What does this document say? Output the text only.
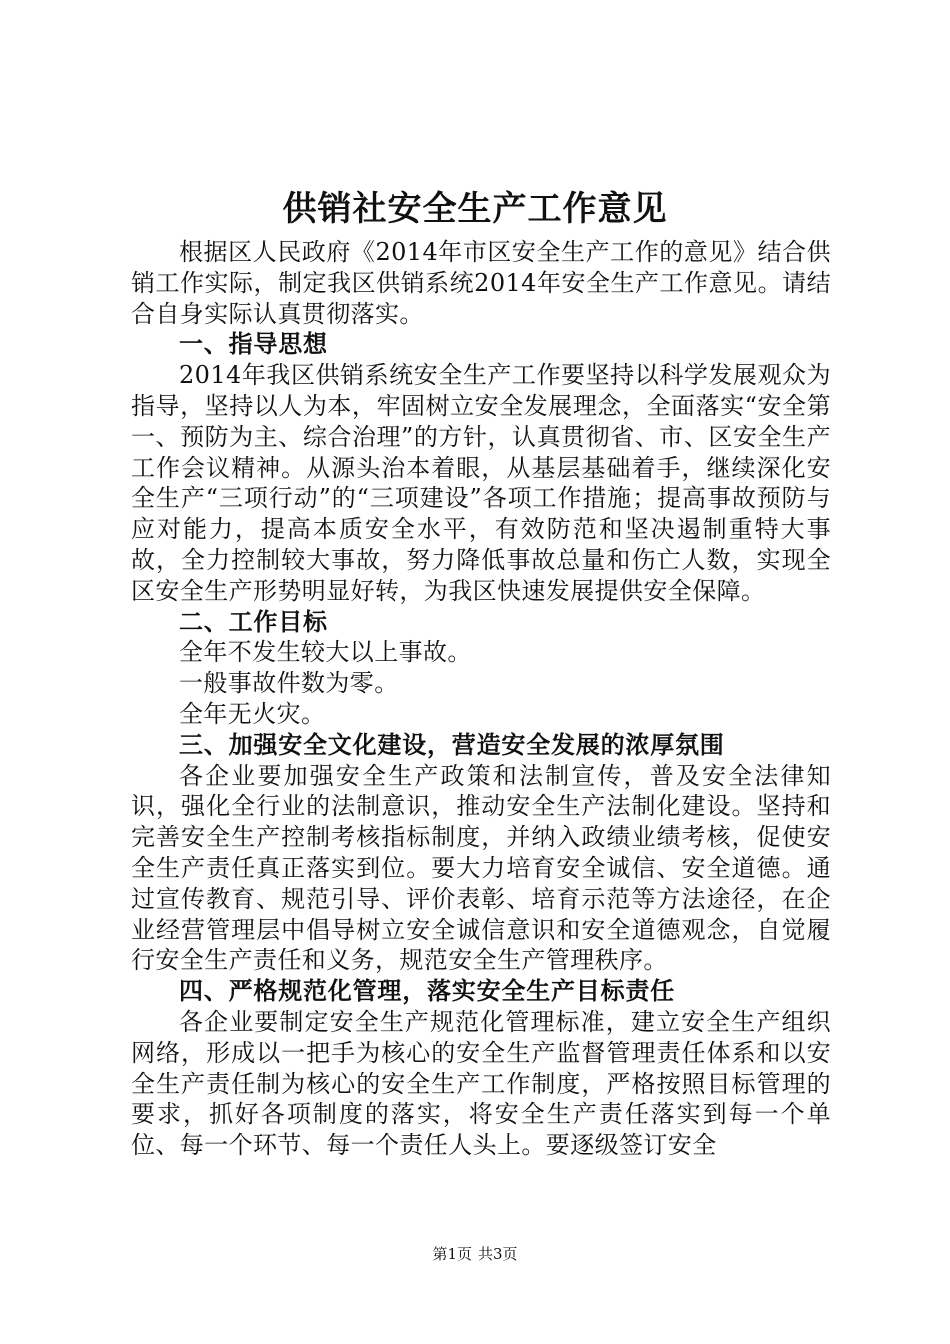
供销社安全生产工作意见

根据区人民政府《2014年市区安全生产工作的意见》结合供销工作实际，制定我区供销系统2014年安全生产工作意见。请结合自身实际认真贯彻落实。

一、指导思想

2014年我区供销系统安全生产工作要坚持以科学发展观众为指导，坚持以人为本，牢固树立安全发展理念，全面落实“安全第一、预防为主、综合治理”的方针，认真贯彻省、市、区安全生产工作会议精神。从源头治本着眼，从基层基础着手，继续深化安全生产“三项行动”的“三项建设”各项工作措施；提高事故预防与应对能力，提高本质安全水平，有效防范和坚决遏制重特大事故，全力控制较大事故，努力降低事故总量和伤亡人数，实现全区安全生产形势明显好转，为我区快速发展提供安全保障。

二、工作目标

全年不发生较大以上事故。

一般事故件数为零。

全年无火灾。

三、加强安全文化建设，营造安全发展的浓厚氛围

各企业要加强安全生产政策和法制宣传，普及安全法律知识，强化全行业的法制意识，推动安全生产法制化建设。坚持和完善安全生产控制考核指标制度，并纳入政绩业绩考核，促使安全生产责任真正落实到位。要大力培育安全诚信、安全道德。通过宣传教育、规范引导、评价表彰、培育示范等方法途径，在企业经营管理层中倡导树立安全诚信意识和安全道德观念，自觉履行安全生产责任和义务，规范安全生产管理秩序。

四、严格规范化管理，落实安全生产目标责任

各企业要制定安全生产规范化管理标准，建立安全生产组织网络，形成以一把手为核心的安全生产监督管理责任体系和以安全生产责任制为核心的安全生产工作制度，严格按照目标管理的要求，抓好各项制度的落实，将安全生产责任落实到每一个单位、每一个环节、每一个责任人头上。要逐级签订安全

第1页 共3页
